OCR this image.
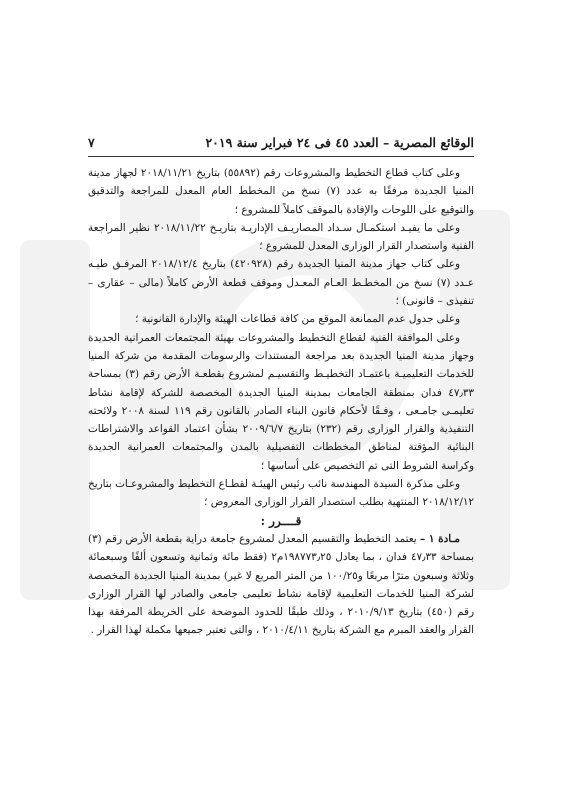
الوقائع المصرية – العدد ٤٥ فى ٢٤ فبراير سنة ٢٠١٩
٧

وعلى كتاب قطاع التخطيط والمشروعات رقم (٥٥٨٩٢) بتاريخ ٢٠١٨/١١/٢١ لجهاز مدينة المنيا الجديدة مرفقًا به عدد (٧) نسخ من المخطط العام المعدل للمراجعة والتدقيق والتوقيع على اللوحات والإفادة بالموقف كاملاً للمشروع ؛

وعلى ما يفيـد استكمـال سـداد المصاريـف الإداريـة بتاريـخ ٢٠١٨/١١/٢٢ نظير المراجعة الفنية واستصدار القرار الوزارى المعدل للمشروع ؛

وعلى كتاب جهاز مدينة المنيا الجديدة رقم (٤٢٠٩٢٨) بتاريخ ٢٠١٨/١٢/٤ المرفـق طيـه عـدد (٧) نسخ من المخطـط العـام المعـدل وموقف قطعة الأرض كاملاً (مالى – عقارى – تنفيذى – قانونى) ؛

وعلى جدول عدم الممانعة الموقع من كافة قطاعات الهيئة والإدارة القانونية ؛

وعلى الموافقة الفنية لقطاع التخطيط والمشروعات بهيئة المجتمعات العمرانية الجديدة وجهاز مدينة المنيا الجديدة بعد مراجعة المستندات والرسومات المقدمة من شركة المنيا للخدمات التعليميـة باعتمـاد التخطيـط والتقسيـم لمشروع بقطعـة الأرض رقم (٣) بمساحة ٤٧٫٣٣ فدان بمنطقة الجامعات بمدينة المنيا الجديدة المخصصة للشركة لإقامة نشاط تعليمـى جامـعى ، وفـقًا لأحكام قانون البناء الصادر بالقانون رقم ١١٩ لسنة ٢٠٠٨ ولائحته التنفيذية والقرار الوزارى رقم (٢٣٢) بتاريخ ٢٠٠٩/٦/٧ بشأن اعتماد القواعد والاشتراطات البنائية المؤقتة لمناطق المخططات التفصيلية بالمدن والمجتمعات العمرانية الجديدة وكراسة الشروط التى تم التخصيص على أساسها ؛

وعلى مذكرة السيدة المهندسة نائب رئيس الهيئـة لقطـاع التخطيط والمشروعـات بتاريخ ٢٠١٨/١٢/١٢ المنتهية بطلب استصدار القرار الوزارى المعروض ؛

قــــرر :

مـادة ١ – يعتمد التخطيط والتقسيم المعدل لمشروع جامعة دراية بقطعة الأرض رقم (٣) بمساحة ٤٧٫٣٣ فدان ، بما يعادل ١٩٨٧٧٣٫٢٥م٢ (فقط مائة وثمانية وتسعون ألفًا وسبعمائة وثلاثة وسبعون مترًا مربعًا و١٠٠/٢٥ من المتر المربع لا غير) بمدينة المنيا الجديدة المخصصة لشركة المنيا للخدمات التعليمية لإقامة نشاط تعليمى جامعى والصادر لها القرار الوزارى رقم (٤٥٠) بتاريخ ٢٠١٠/٩/١٣ ، وذلك طبقًا للحدود الموضحة على الخريطة المرفقة بهذا القرار والعقد المبرم مع الشركة بتاريخ ٢٠١٠/٤/١١ ، والتى تعتبر جميعها مكملة لهذا القرار .
